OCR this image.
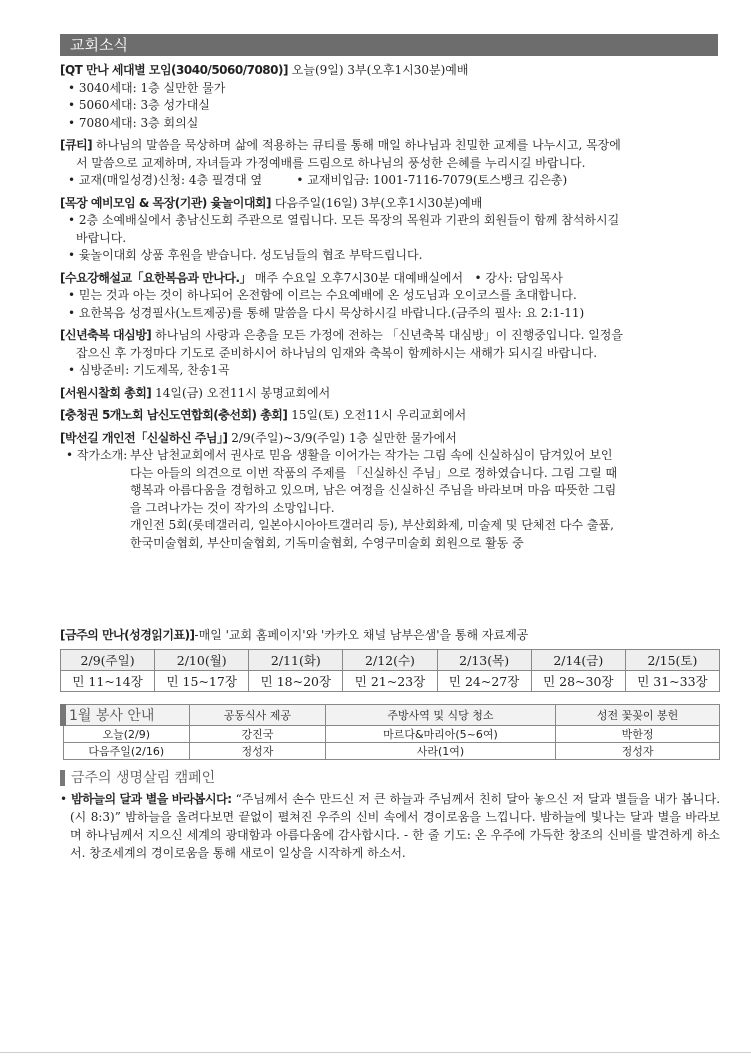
교회소식
[QT 만나 세대별 모임(3040/5060/7080)] 오늘(9일) 3부(오후1시30분)예배
• 3040세대: 1층 실만한 물가
• 5060세대: 3층 성가대실
• 7080세대: 3층 회의실
[큐티] 하나님의 말씀을 묵상하며 삶에 적용하는 큐티를 통해 매일 하나님과 친밀한 교제를 나누시고, 목장에
서 말씀으로 교제하며, 자녀들과 가정예배를 드림으로 하나님의 풍성한 은혜를 누리시길 바랍니다.
• 교재(매일성경)신청: 4층 필경대 옆         • 교재비입금: 1001-7116-7079(토스뱅크 김은총)
[목장 예비모임 & 목장(기관) 윷놀이대회] 다음주일(16일) 3부(오후1시30분)예배
• 2층 소예배실에서 총남신도회 주관으로 열립니다. 모든 목장의 목원과 기관의 회원들이 함께 참석하시길
바랍니다.
• 윷놀이대회 상품 후원을 받습니다. 성도님들의 협조 부탁드립니다.
[수요강해설교「요한복음과 만나다.」 매주 수요일 오후7시30분 대예배실에서 • 강사: 담임목사
• 믿는 것과 아는 것이 하나되어 온전함에 이르는 수요예배에 온 성도님과 오이코스를 초대합니다.
• 요한복음 성경필사(노트제공)를 통해 말씀을 다시 묵상하시길 바랍니다.(금주의 필사: 요 2:1-11)
[신년축복 대심방] 하나님의 사랑과 은총을 모든 가정에 전하는 「신년축복 대심방」이 진행중입니다. 일정을
잡으신 후 가정마다 기도로 준비하시어 하나님의 임재와 축복이 함께하시는 새해가 되시길 바랍니다.
• 심방준비: 기도제목, 찬송1곡
[서원시찰회 총회] 14일(금) 오전11시 봉명교회에서
[충청권 5개노회 남신도연합회(충선회) 총회] 15일(토) 오전11시 우리교회에서
[박선길 개인전「신실하신 주님」] 2/9(주일)~3/9(주일) 1층 실만한 물가에서
• 작가소개: 부산 남천교회에서 권사로 믿음 생활을 이어가는 작가는 그림 속에 신실하심이 담겨있어 보인
다는 아들의 의견으로 이번 작품의 주제를 「신실하신 주님」으로 정하였습니다. 그림 그릴 때
행복과 아름다움을 경험하고 있으며, 남은 여정을 신실하신 주님을 바라보며 마음 따뜻한 그림
을 그려나가는 것이 작가의 소망입니다.
개인전 5회(롯데갤러리, 일본아시아아트갤러리 등), 부산회화제, 미술제 및 단체전 다수 출품,
한국미술협회, 부산미술협회, 기독미술협회, 수영구미술회 회원으로 활동 중
[금주의 만나(성경읽기표)]-매일 '교회 홈페이지'와 '카카오 채널 남부은샘'을 통해 자료제공
2/9(주일)	2/10(월)	2/11(화)	2/12(수)	2/13(목)	2/14(금)	2/15(토)
민 11~14장	민 15~17장	민 18~20장	민 21~23장	민 24~27장	민 28~30장	민 31~33장
1월 봉사 안내	공동식사 제공	주방사역 및 식당 청소	성전 꽃꽂이 봉헌
오늘(2/9)	강진국	마르다&마리아(5~6여)	박한정
다음주일(2/16)	정성자	사라(1여)	정성자
금주의 생명살림 캠페인
• 밤하늘의 달과 별을 바라봅시다: “주님께서 손수 만드신 저 큰 하늘과 주님께서 친히 달아 놓으신 저 달과 별들을 내가 봅니다.(시 8:3)” 밤하늘을 올려다보면 끝없이 펼쳐진 우주의 신비 속에서 경이로움을 느낍니다. 밤하늘에 빛나는 달과 별을 바라보며 하나님께서 지으신 세계의 광대함과 아름다움에 감사합시다. - 한 줄 기도: 온 우주에 가득한 창조의 신비를 발견하게 하소서. 창조세계의 경이로움을 통해 새로이 일상을 시작하게 하소서.
